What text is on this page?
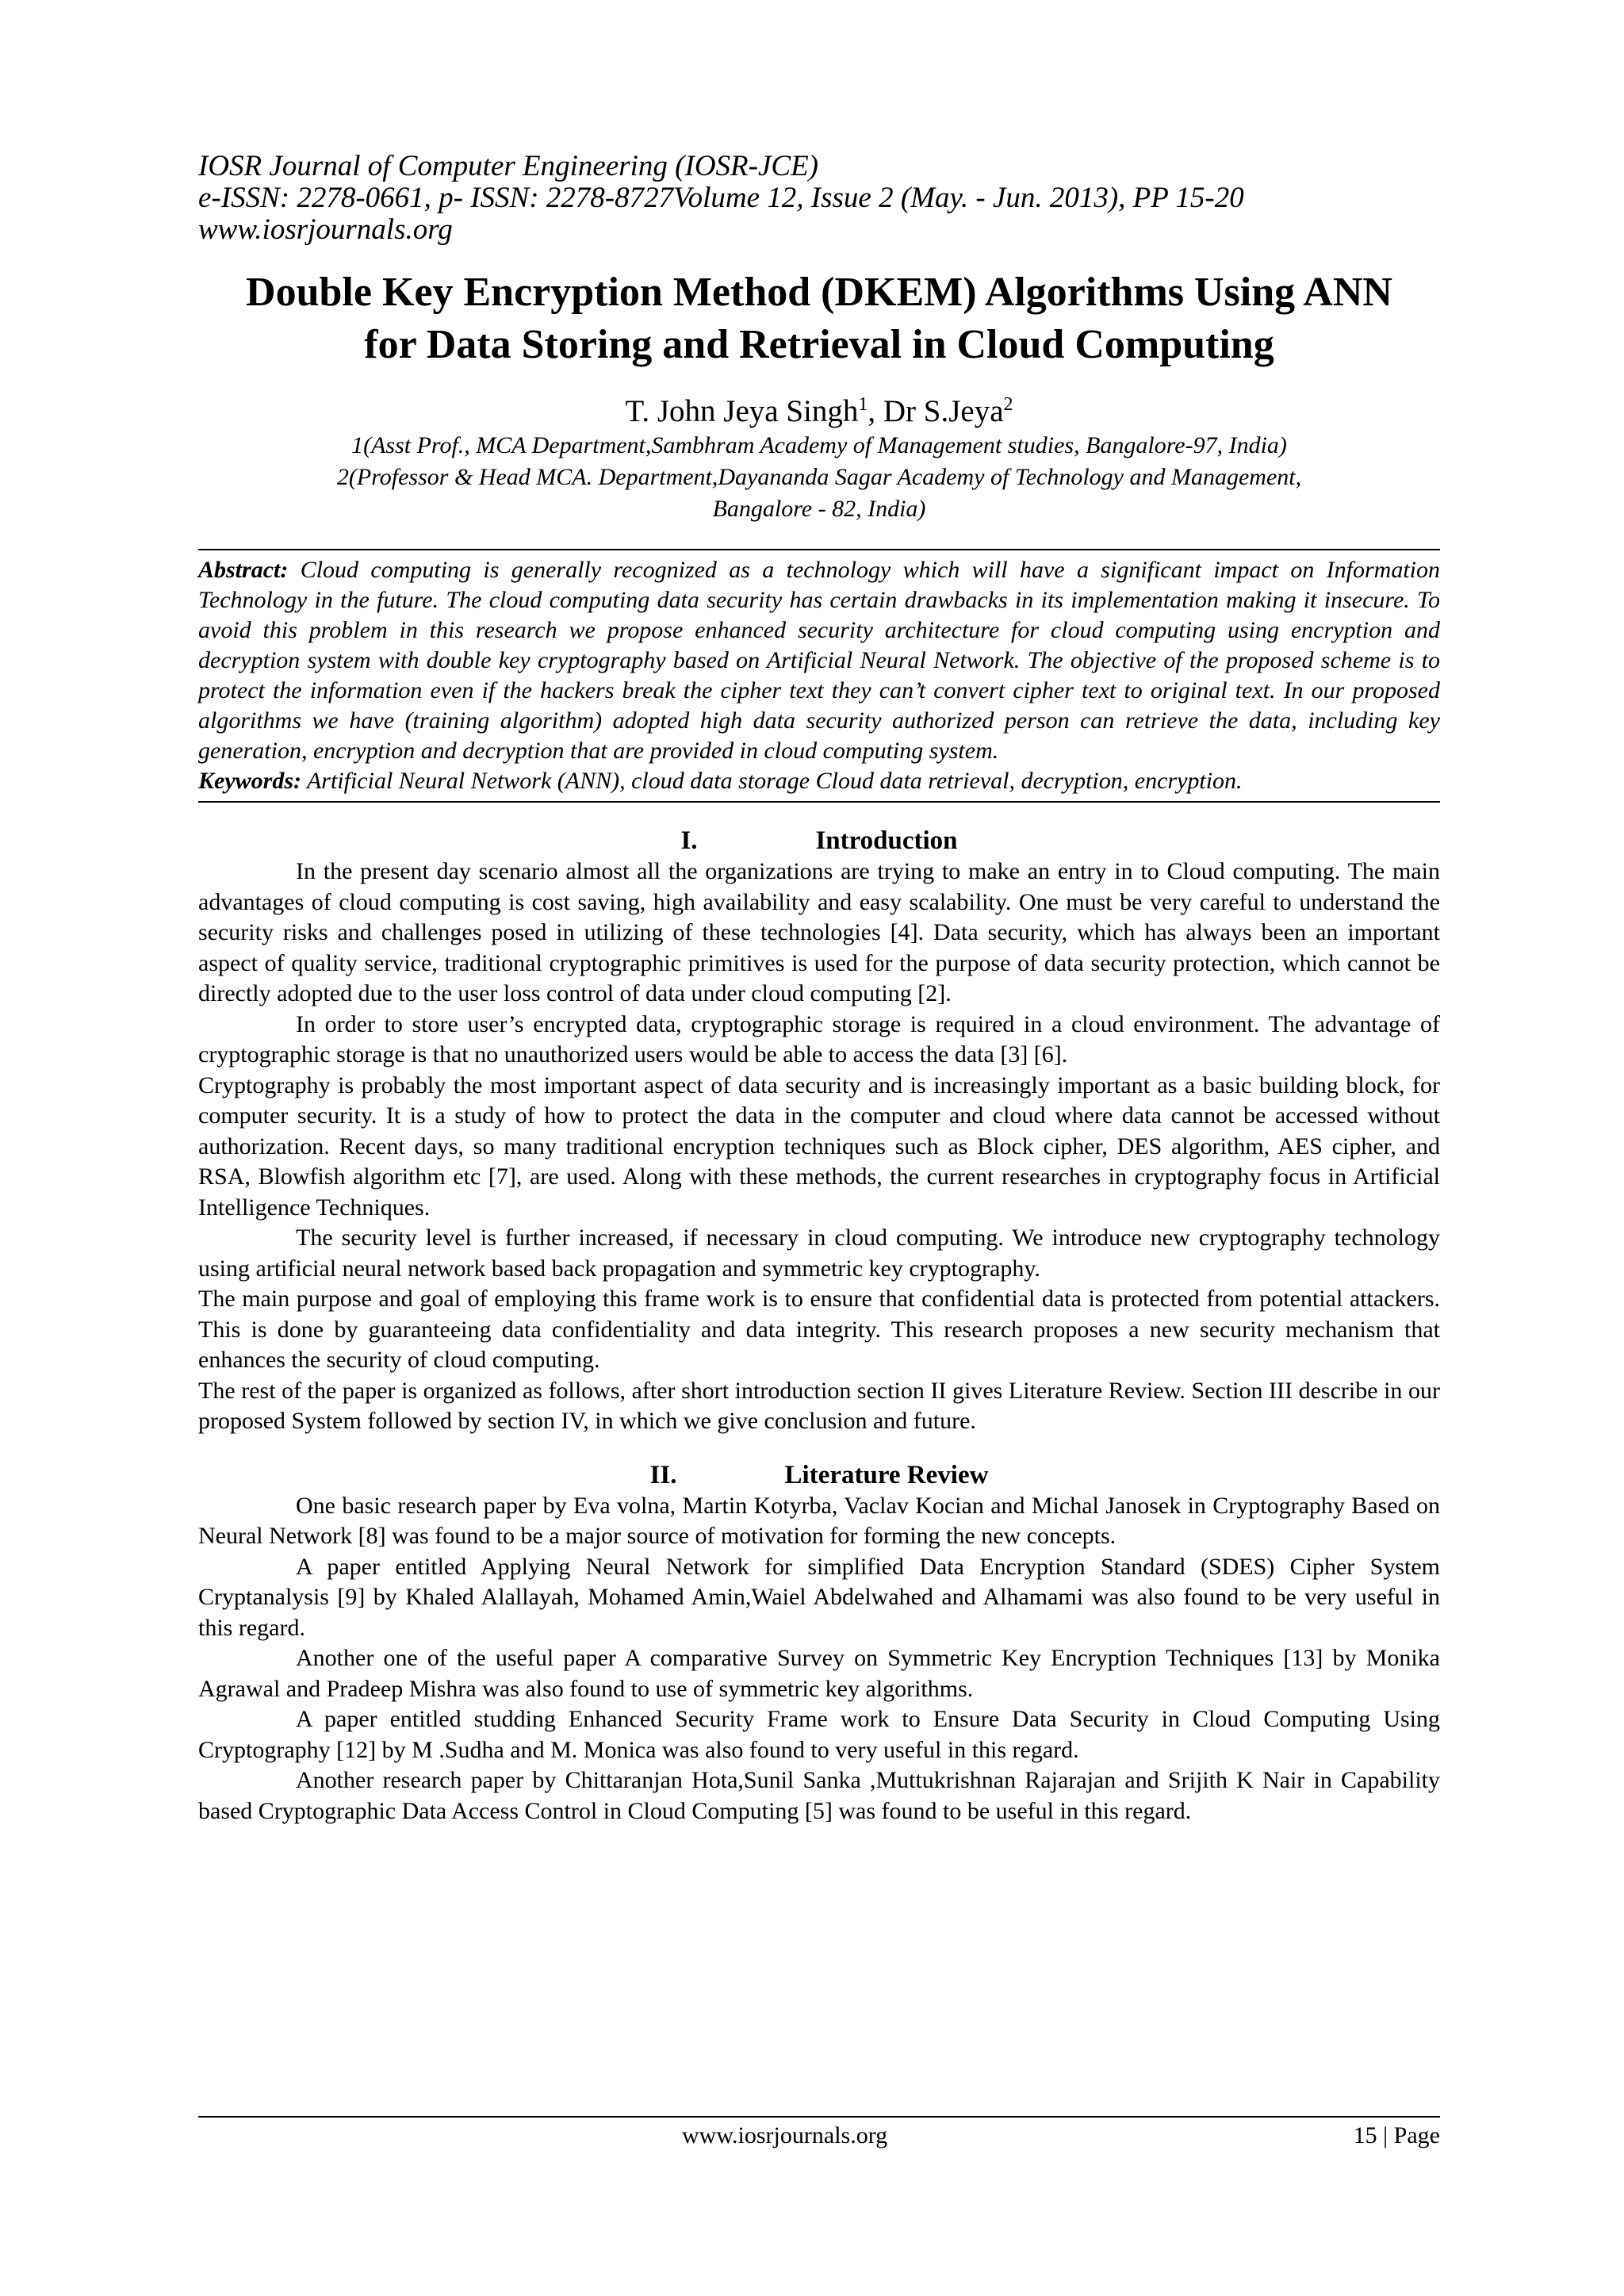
IOSR Journal of Computer Engineering (IOSR-JCE)
e-ISSN: 2278-0661, p- ISSN: 2278-8727Volume 12, Issue 2 (May. - Jun. 2013), PP 15-20
www.iosrjournals.org
Double Key Encryption Method (DKEM) Algorithms Using ANN
for Data Storing and Retrieval in Cloud Computing
T. John Jeya Singh$^1$, Dr S.Jeya$^2$
1(Asst Prof., MCA Department,Sambhram Academy of Management studies, Bangalore-97, India)
2(Professor & Head MCA. Department,Dayananda Sagar Academy of Technology and Management,
Bangalore - 82, India)
Abstract: Cloud computing is generally recognized as a technology which will have a significant impact on Information Technology in the future. The cloud computing data security has certain drawbacks in its implementation making it insecure. To avoid this problem in this research we propose enhanced security architecture for cloud computing using encryption and decryption system with double key cryptography based on Artificial Neural Network. The objective of the proposed scheme is to protect the information even if the hackers break the cipher text they can’t convert cipher text to original text. In our proposed algorithms we have (training algorithm) adopted high data security authorized person can retrieve the data, including key generation, encryption and decryption that are provided in cloud computing system.
Keywords: Artificial Neural Network (ANN), cloud data storage Cloud data retrieval, decryption, encryption.
I.	Introduction

In the present day scenario almost all the organizations are trying to make an entry in to Cloud computing. The main advantages of cloud computing is cost saving, high availability and easy scalability. One must be very careful to understand the security risks and challenges posed in utilizing of these technologies [4]. Data security, which has always been an important aspect of quality service, traditional cryptographic primitives is used for the purpose of data security protection, which cannot be directly adopted due to the user loss control of data under cloud computing [2].

In order to store user’s encrypted data, cryptographic storage is required in a cloud environment. The advantage of cryptographic storage is that no unauthorized users would be able to access the data [3] [6].

Cryptography is probably the most important aspect of data security and is increasingly important as a basic building block, for computer security. It is a study of how to protect the data in the computer and cloud where data cannot be accessed without authorization. Recent days, so many traditional encryption techniques such as Block cipher, DES algorithm, AES cipher, and RSA, Blowfish algorithm etc [7], are used. Along with these methods, the current researches in cryptography focus in Artificial Intelligence Techniques.

The security level is further increased, if necessary in cloud computing. We introduce new cryptography technology using artificial neural network based back propagation and symmetric key cryptography.

The main purpose and goal of employing this frame work is to ensure that confidential data is protected from potential attackers. This is done by guaranteeing data confidentiality and data integrity. This research proposes a new security mechanism that enhances the security of cloud computing.

The rest of the paper is organized as follows, after short introduction section II gives Literature Review. Section III describe in our proposed System followed by section IV, in which we give conclusion and future.

II.	Literature Review

One basic research paper by Eva volna, Martin Kotyrba, Vaclav Kocian and Michal Janosek in Cryptography Based on Neural Network [8] was found to be a major source of motivation for forming the new concepts.

A paper entitled Applying Neural Network for simplified Data Encryption Standard (SDES) Cipher System Cryptanalysis [9] by Khaled Alallayah, Mohamed Amin,Waiel Abdelwahed and Alhamami was also found to be very useful in this regard.

Another one of the useful paper A comparative Survey on Symmetric Key Encryption Techniques [13] by Monika Agrawal and Pradeep Mishra was also found to use of symmetric key algorithms.

A paper entitled studding Enhanced Security Frame work to Ensure Data Security in Cloud Computing Using Cryptography [12] by M .Sudha and M. Monica was also found to very useful in this regard.

Another research paper by Chittaranjan Hota,Sunil Sanka ,Muttukrishnan Rajarajan and Srijith K Nair in Capability based Cryptographic Data Access Control in Cloud Computing [5] was found to be useful in this regard.

www.iosrjournals.org	15 | Page
